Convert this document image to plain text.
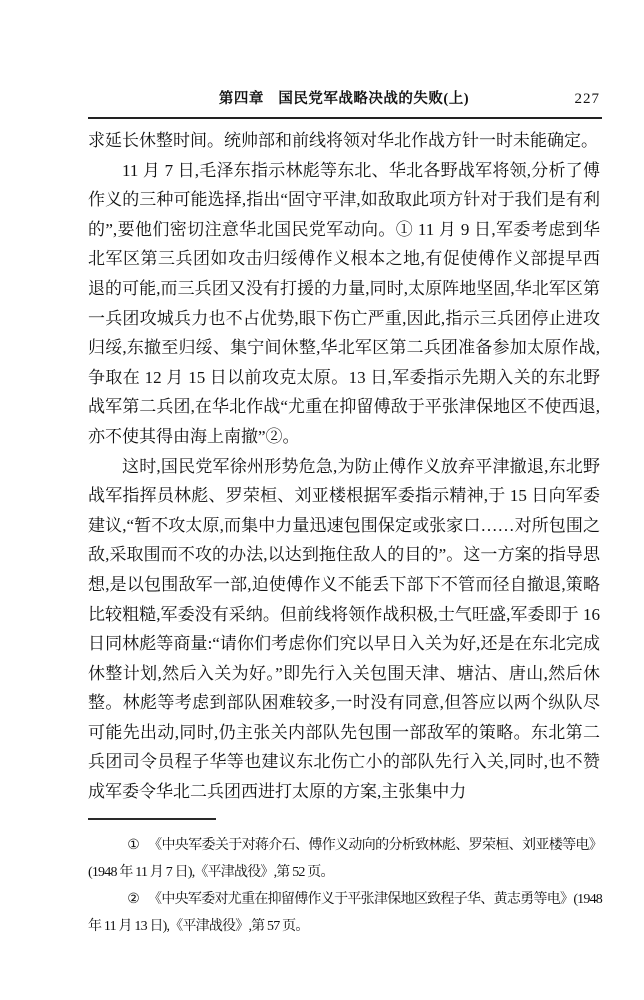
第四章 国民党军战略决战的失败(上)	227

求延长休整时间。统帅部和前线将领对华北作战方针一时未能确定。

11 月 7 日,毛泽东指示林彪等东北、华北各野战军将领,分析了傅作义的三种可能选择,指出“固守平津,如敌取此项方针对于我们是有利的”,要他们密切注意华北国民党军动向。① 11 月 9 日,军委考虑到华北军区第三兵团如攻击归绥傅作义根本之地,有促使傅作义部提早西退的可能,而三兵团又没有打援的力量,同时,太原阵地坚固,华北军区第一兵团攻城兵力也不占优势,眼下伤亡严重,因此,指示三兵团停止进攻归绥,东撤至归绥、集宁间休整,华北军区第二兵团准备参加太原作战,争取在 12 月 15 日以前攻克太原。13 日,军委指示先期入关的东北野战军第二兵团,在华北作战“尤重在抑留傅敌于平张津保地区不使西退,亦不使其得由海上南撤”②。

这时,国民党军徐州形势危急,为防止傅作义放弃平津撤退,东北野战军指挥员林彪、罗荣桓、刘亚楼根据军委指示精神,于 15 日向军委建议,“暂不攻太原,而集中力量迅速包围保定或张家口……对所包围之敌,采取围而不攻的办法,以达到拖住敌人的目的”。这一方案的指导思想,是以包围敌军一部,迫使傅作义不能丢下部下不管而径自撤退,策略比较粗糙,军委没有采纳。但前线将领作战积极,士气旺盛,军委即于 16 日同林彪等商量:“请你们考虑你们究以早日入关为好,还是在东北完成休整计划,然后入关为好。”即先行入关包围天津、塘沽、唐山,然后休整。林彪等考虑到部队困难较多,一时没有同意,但答应以两个纵队尽可能先出动,同时,仍主张关内部队先包围一部敌军的策略。东北第二兵团司令员程子华等也建议东北伤亡小的部队先行入关,同时,也不赞成军委令华北二兵团西进打太原的方案,主张集中力

① 《中央军委关于对蒋介石、傅作义动向的分析致林彪、罗荣桓、刘亚楼等电》(1948 年 11 月 7 日),《平津战役》,第 52 页。

② 《中央军委对尤重在抑留傅作义于平张津保地区致程子华、黄志勇等电》(1948 年 11 月 13 日),《平津战役》,第 57 页。
